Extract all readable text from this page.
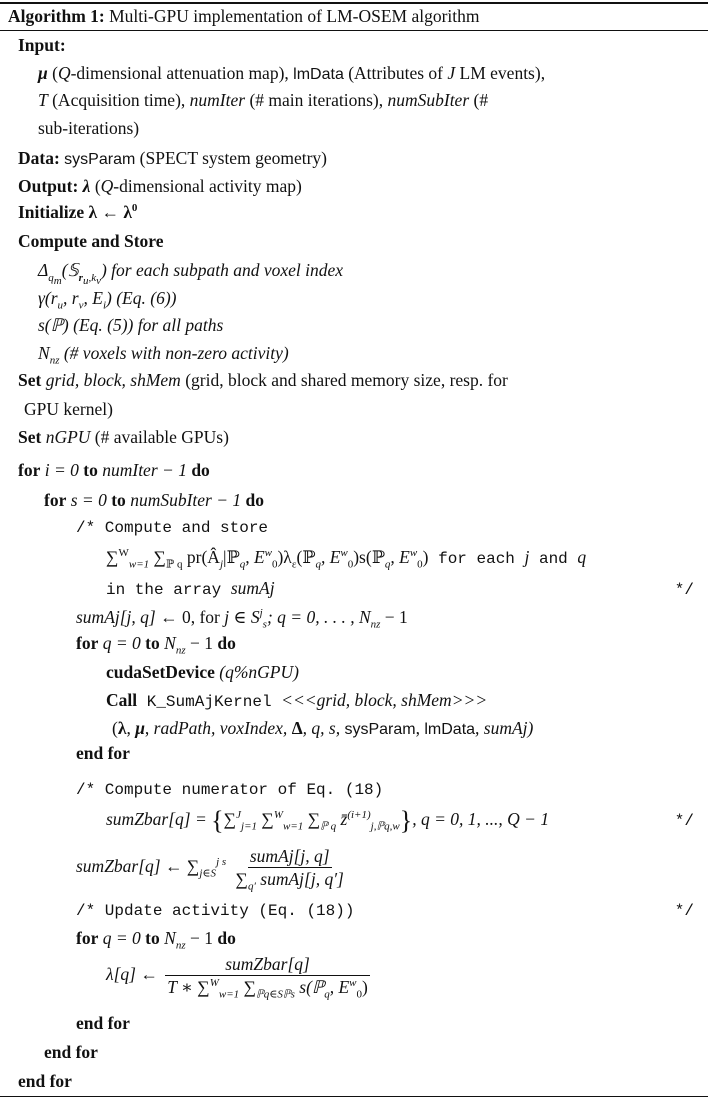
Algorithm 1: Multi-GPU implementation of LM-OSEM algorithm
Input:
μ (Q-dimensional attenuation map), lmData (Attributes of J LM events),
T (Acquisition time), numIter (# main iterations), numSubIter (#
sub-iterations)
Data: sysParam (SPECT system geometry)
Output: λ (Q-dimensional activity map)
Initialize λ ← $\lambda^0$
Compute and Store
$\Delta_{q_m}(𝕊_{r_u,k_v})$ for each subpath and voxel index
$\gamma(r_u$, $r_v$, $E_i$) (Eq. (6))
s(ℙ) (Eq. (5)) for all paths
$N_{nz}$ (# voxels with non-zero activity)
Set grid, block, shMem (grid, block and shared memory size, resp. for
GPU kernel)
Set nGPU (# available GPUs)
for i = 0 to numIter − 1 do
for s = 0 to numSubIter − 1 do
/* Compute and store
∑$^W_{w=1}$ $\sum_{ℙ q}$ $pr(Â_j|ℙ_q$, $E^w_0)\lambda_\varepsilon(ℙ_q$, $E^w_0)s(ℙ_q$, $E^w_0$) for each j and q
in the array sumAj	*/
sumAj[j, q] ← 0, for j ∈ $S^j_s$; q = 0, . . . , $N_{nz} - 1$
for q = 0 to $N_{nz} - 1$ do
cudaSetDevice (q%nGPU)
Call K_SumAjKernel <<<grid, block, shMem>>>
(λ, μ, radPath, voxIndex, Δ, q, s, sysParam, lmData, sumAj)
end for
/* Compute numerator of Eq. (18)
sumZbar[q] = {∑$^J_{j=1}$ ∑$^W_{w=1}$ $\sum_{ℙ q}$ z̄$^{(i+1)}_{j,ℙq,w}$}, q = 0, 1, ..., Q − 1	*/
sumZbar[q] ← $\sum_{j\in S}^{j s} \frac{\text{sumAj[j, q]}}{\sum_{q'} sumAj[j, q']}$
/* Update activity (Eq. (18))	*/
for q = 0 to $N_{nz} - 1$ do
λ[q] ← $\frac{\text{sumZbar[q]}}{T ∗ \sum^W_{w=1} \sum_{ℙq\in Sℙs} s(ℙ_q, E^w_0)}$
end for
end for
end for
